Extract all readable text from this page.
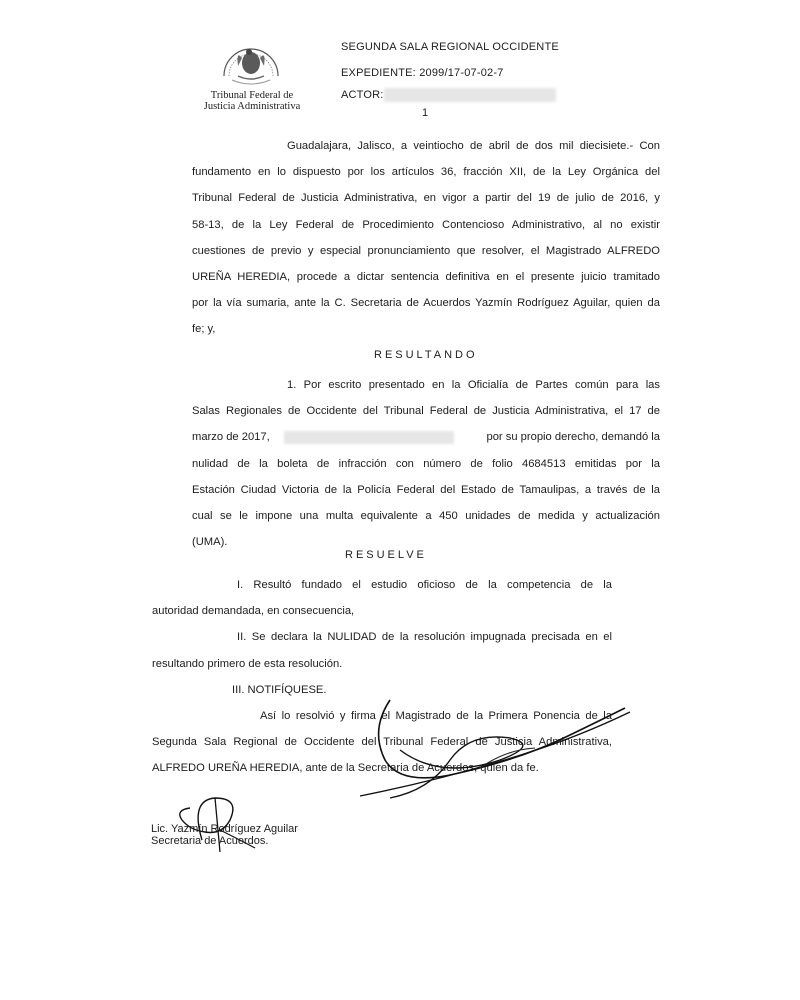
Tribunal Federal de
Justicia Administrativa
SEGUNDA SALA REGIONAL OCCIDENTE
EXPEDIENTE: 2099/17-07-02-7
ACTOR:
1
Guadalajara, Jalisco, a veintiocho de abril de dos mil diecisiete.- Con
fundamento en lo dispuesto por los artículos 36, fracción XII, de la Ley Orgánica del
Tribunal Federal de Justicia Administrativa, en vigor a partir del 19 de julio de 2016, y
58-13, de la Ley Federal de Procedimiento Contencioso Administrativo, al no existir
cuestiones de previo y especial pronunciamiento que resolver, el Magistrado ALFREDO
UREÑA HEREDIA, procede a dictar sentencia definitiva en el presente juicio tramitado
por la vía sumaria, ante la C. Secretaria de Acuerdos Yazmín Rodríguez Aguilar, quien da
fe; y,
RESULTANDO
1. Por escrito presentado en la Oficialía de Partes común para las
Salas Regionales de Occidente del Tribunal Federal de Justicia Administrativa, el 17 de
marzo de 2017,	por su propio derecho, demandó la
nulidad de la boleta de infracción con número de folio 4684513 emitidas por la
Estación Ciudad Victoria de la Policía Federal del Estado de Tamaulipas, a través de la
cual se le impone una multa equivalente a 450 unidades de medida y actualización
(UMA).
RESUELVE
I. Resultó fundado el estudio oficioso de la competencia de la
autoridad demandada, en consecuencia,
II. Se declara la NULIDAD de la resolución impugnada precisada en el
resultando primero de esta resolución.
III. NOTIFÍQUESE.
Así lo resolvió y firma el Magistrado de la Primera Ponencia de la
Segunda Sala Regional de Occidente del Tribunal Federal de Justicia Administrativa,
ALFREDO UREÑA HEREDIA, ante de la Secretaria de Acuerdos, quien da fe.
Lic. Yazmín Rodríguez Aguilar
Secretaria de Acuerdos.
